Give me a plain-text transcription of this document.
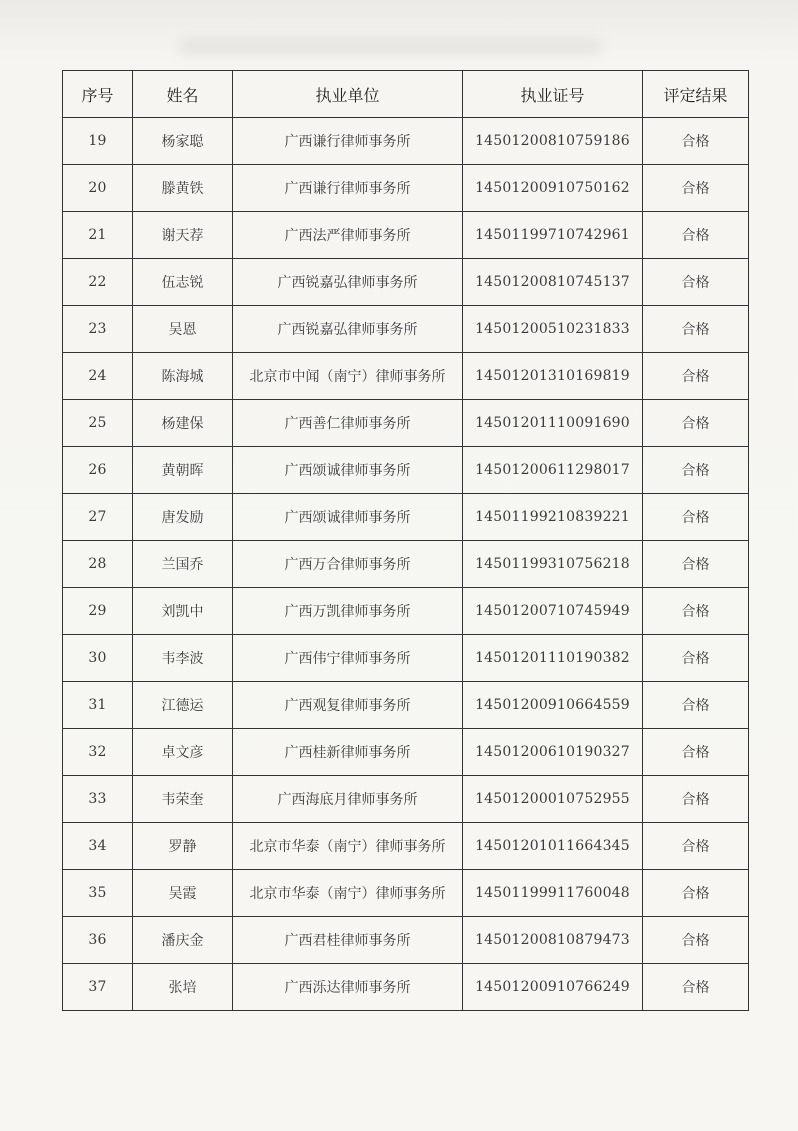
序号	姓名	执业单位	执业证号	评定结果
19	杨家聪	广西谦行律师事务所	14501200810759186	合格
20	滕黄铁	广西谦行律师事务所	14501200910750162	合格
21	谢天荐	广西法严律师事务所	14501199710742961	合格
22	伍志锐	广西锐嘉弘律师事务所	14501200810745137	合格
23	吴恩	广西锐嘉弘律师事务所	14501200510231833	合格
24	陈海城	北京市中闻（南宁）律师事务所	14501201310169819	合格
25	杨建保	广西善仁律师事务所	14501201110091690	合格
26	黄朝晖	广西颂诚律师事务所	14501200611298017	合格
27	唐发励	广西颂诚律师事务所	14501199210839221	合格
28	兰国乔	广西万合律师事务所	14501199310756218	合格
29	刘凯中	广西万凯律师事务所	14501200710745949	合格
30	韦李波	广西伟宁律师事务所	14501201110190382	合格
31	江德运	广西观复律师事务所	14501200910664559	合格
32	卓文彦	广西桂新律师事务所	14501200610190327	合格
33	韦荣奎	广西海底月律师事务所	14501200010752955	合格
34	罗静	北京市华泰（南宁）律师事务所	14501201011664345	合格
35	吴霞	北京市华泰（南宁）律师事务所	14501199911760048	合格
36	潘庆金	广西君桂律师事务所	14501200810879473	合格
37	张培	广西泺达律师事务所	14501200910766249	合格
